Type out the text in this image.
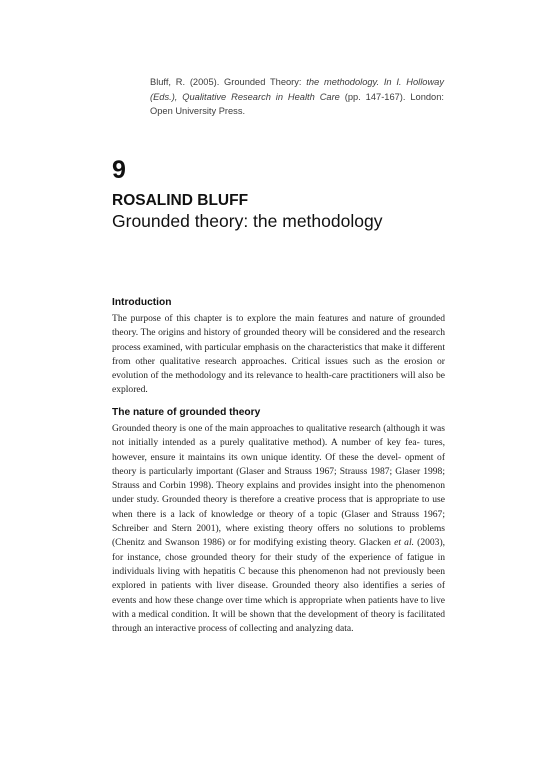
Bluff, R. (2005). Grounded Theory: the methodology. In I. Holloway (Eds.), Qualitative Research in Health Care (pp. 147-167). London: Open University Press.
9
ROSALIND BLUFF
Grounded theory: the methodology
Introduction

The purpose of this chapter is to explore the main features and nature of grounded theory. The origins and history of grounded theory will be considered and the research process examined, with particular emphasis on the characteristics that make it different from other qualitative research approaches. Critical issues such as the erosion or evolution of the methodology and its relevance to health-care practitioners will also be explored.

The nature of grounded theory

Grounded theory is one of the main approaches to qualitative research (although it was not initially intended as a purely qualitative method). A number of key fea- tures, however, ensure it maintains its own unique identity. Of these the devel- opment of theory is particularly important (Glaser and Strauss 1967; Strauss 1987; Glaser 1998; Strauss and Corbin 1998). Theory explains and provides insight into the phenomenon under study. Grounded theory is therefore a creative process that is appropriate to use when there is a lack of knowledge or theory of a topic (Glaser and Strauss 1967; Schreiber and Stern 2001), where existing theory offers no solutions to problems (Chenitz and Swanson 1986) or for modifying existing theory. Glacken et al. (2003), for instance, chose grounded theory for their study of the experience of fatigue in individuals living with hepatitis C because this phenomenon had not previously been explored in patients with liver disease. Grounded theory also identifies a series of events and how these change over time which is appropriate when patients have to live with a medical condition. It will be shown that the development of theory is facilitated through an interactive process of collecting and analyzing data.
